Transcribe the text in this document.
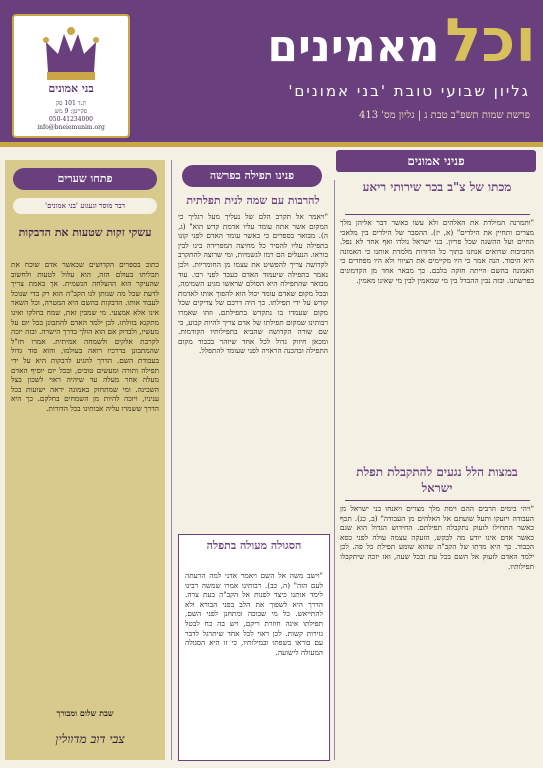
בני אמונים
ת.ד 101 סק
סקייטן: 9 מש
050-41234000
info@bneiemunim.org
וכל מאמינים
גליון שבועי טובת 'בני אמונים'
פרשת שמות תשפ"ב טבת נ | גליון מס' 413
פניני אמונים
מכתו של צ"ב בכר שירותי ריאע
"ותמרנה המילדת את האלהים ולא עשו כאשר דבר אליהן מלך מצרים ותחיין את הילדים" (א, יז). ההסבר של הילדים בין מלאכי החיים ועל ההשגה שכל פריון. בני ישראל נולדו ואף אחד לא נפל. החביבות שרואים אנחנו בתוך כל הדורות מלמדת אותנו כי האמונה היא היסוד. הנה אמר כי היו מקיימים את הציווי ולא היו מפחדים כי האמונה בהשם הייתה חזקה בלבם. כך מבאר אחד מן הקדמונים בפרשתנו. ובזה נבין ההבדל בין מי שמאמין לבין מי שאינו מאמין.
במצות הלל נגעים להתקבלת תפלת ישראל
"ויהי בימים הרבים ההם וימת מלך מצרים ויאנחו בני ישראל מן העבודה ויזעקו ותעל שועתם אל האלהים מן העבודה" (ב, כג). תכף כאשר התחילו לזעוק נתקבלה תפילתם. החידוש הגדול הוא שגם כאשר אדם אינו יודע מה לבקש, הזעקה עצמה עולה לפני כסא הכבוד. כך היא מדתו של הקב"ה שהוא שומע תפילת כל פה. לכן ילמד האדם לזעוק אל השם בכל עת ובכל שעה, ואז יזכה שיתקבלו תפילותיו.
פנינו תפילה בפרשה
להרבות עם שמה לנית תפלתית
"ויאמר אל תקרב הלם של נעליך מעל רגליך כי המקום אשר אתה עומד עליו אדמת קדש הוא" (ג, ה). מבואר בספרים כי כאשר עומד האדם לפני קונו בתפילה עליו להסיר כל מחיצה המפרידה בינו לבין בוראו. הנעלים הם רמז לגשמיות, ומי שרוצה להתקרב לקדושה צריך להפשיט את עצמו מן החומריות. ולכן נאמר בתפילה שיעמוד האדם כעבד לפני רבו. עוד מבואר שהתפילה היא הסולם שראשו מגיע השמימה, ובכל מקום שאדם עומד יכול הוא להפוך אותו לאדמת קודש על ידי תפילתו. כך היה דרכם של צדיקים שכל מקום שעמדו בו נתקדש בתפילתם. וזהו שאמרו רבותינו שמקום תפילתו של אדם צריך להיות קבוע, כי שם שורה הקדושה שהביא בתפילותיו הקודמות. ומכאן חיזוק גדול לכל אחד שיזהר בכבוד מקום התפילה ובהכנה הראויה לפני שעומד להתפלל.
הסגולה מעולה בתפלה
"וישב משה אל השם ויאמר אדני למה הרעתה לעם הזה" (ה, כב). רבותינו אמרו שמשה רבינו לימד אותנו כיצד לפנות אל הקב"ה בעת צרה. הדרך היא לשפוך את הלב בפני הבורא ולא להתייאש. כל מי שבוכה ומתחנן לפני השם, תפילתו אינה חוזרת ריקם, ויש בה כח לבטל גזירות קשות. לכן ראוי לכל אחד שיתרגל לדבר עם בוראו בשפתו ובמילותיו, כי זו היא הסגולה המעולה לישועה.
פתחו שערים
דבר מוסר וגעגוע 'בני אמונים'
עשקי זקות שטעות את הדבקות
כתוב בספרים הקדושים שכאשר אדם שוכח את תכליתו בעולם הזה, הוא עלול לטעות ולחשוב שהעיקר הוא ההצלחה הגשמית. אך באמת צריך לדעת שכל מה שנותן לנו הקב"ה הוא רק כדי שנוכל לעבוד אותו. הדבקות בהשם היא המטרה, וכל השאר אינו אלא אמצעי. מי שמבין זאת, שמח בחלקו ואינו מתקנא בזולתו. לכן ילמד האדם להתבונן בכל יום על מעשיו, ולבדוק אם הוא הולך בדרך הישרה. ובזה יזכה לקרבת אלקים ולשמחה אמיתית. אמרו חז"ל שהמתבונן בדרכיו רואה בעולמו, והוא סוד גדול בעבודת השם. הדרך להגיע לדבקות היא על ידי תפילה ותורה ומעשים טובים, ובכל יום יוסיף האדם מעלה אחר מעלה עד שיהיה ראוי לשכון בצל השכינה. ומי שמתחזק באמונה יראה ישועות בכל עניניו, ויזכה להיות מן השמחים בחלקם. כך היא הדרך ששמרו עליה אבותינו בכל הדורות.
שבת שלום ומבורך
צבי דוב מדוולין
